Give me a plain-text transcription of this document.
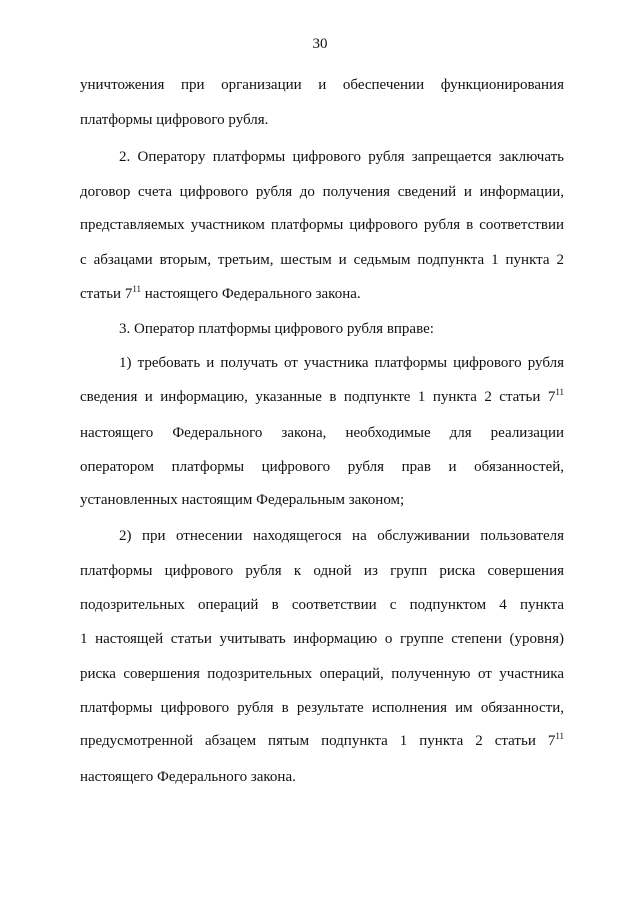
30

уничтожения при организации и обеспечении функционирования

платформы цифрового рубля.

2. Оператору платформы цифрового рубля запрещается заключать

договор счета цифрового рубля до получения сведений и информации,

представляемых участником платформы цифрового рубля в соответствии

с абзацами вторым, третьим, шестым и седьмым подпункта 1 пункта 2

статьи $7^{11}$ настоящего Федерального закона.

3. Оператор платформы цифрового рубля вправе:

1) требовать и получать от участника платформы цифрового рубля

сведения и информацию, указанные в подпункте 1 пункта 2 статьи $7^{11}$

настоящего Федерального закона, необходимые для реализации

оператором платформы цифрового рубля прав и обязанностей,

установленных настоящим Федеральным законом;

2) при отнесении находящегося на обслуживании пользователя

платформы цифрового рубля к одной из групп риска совершения

подозрительных операций в соответствии с подпунктом 4 пункта

1 настоящей статьи учитывать информацию о группе степени (уровня)

риска совершения подозрительных операций, полученную от участника

платформы цифрового рубля в результате исполнения им обязанности,

предусмотренной абзацем пятым подпункта 1 пункта 2 статьи $7^{11}$

настоящего Федерального закона.
